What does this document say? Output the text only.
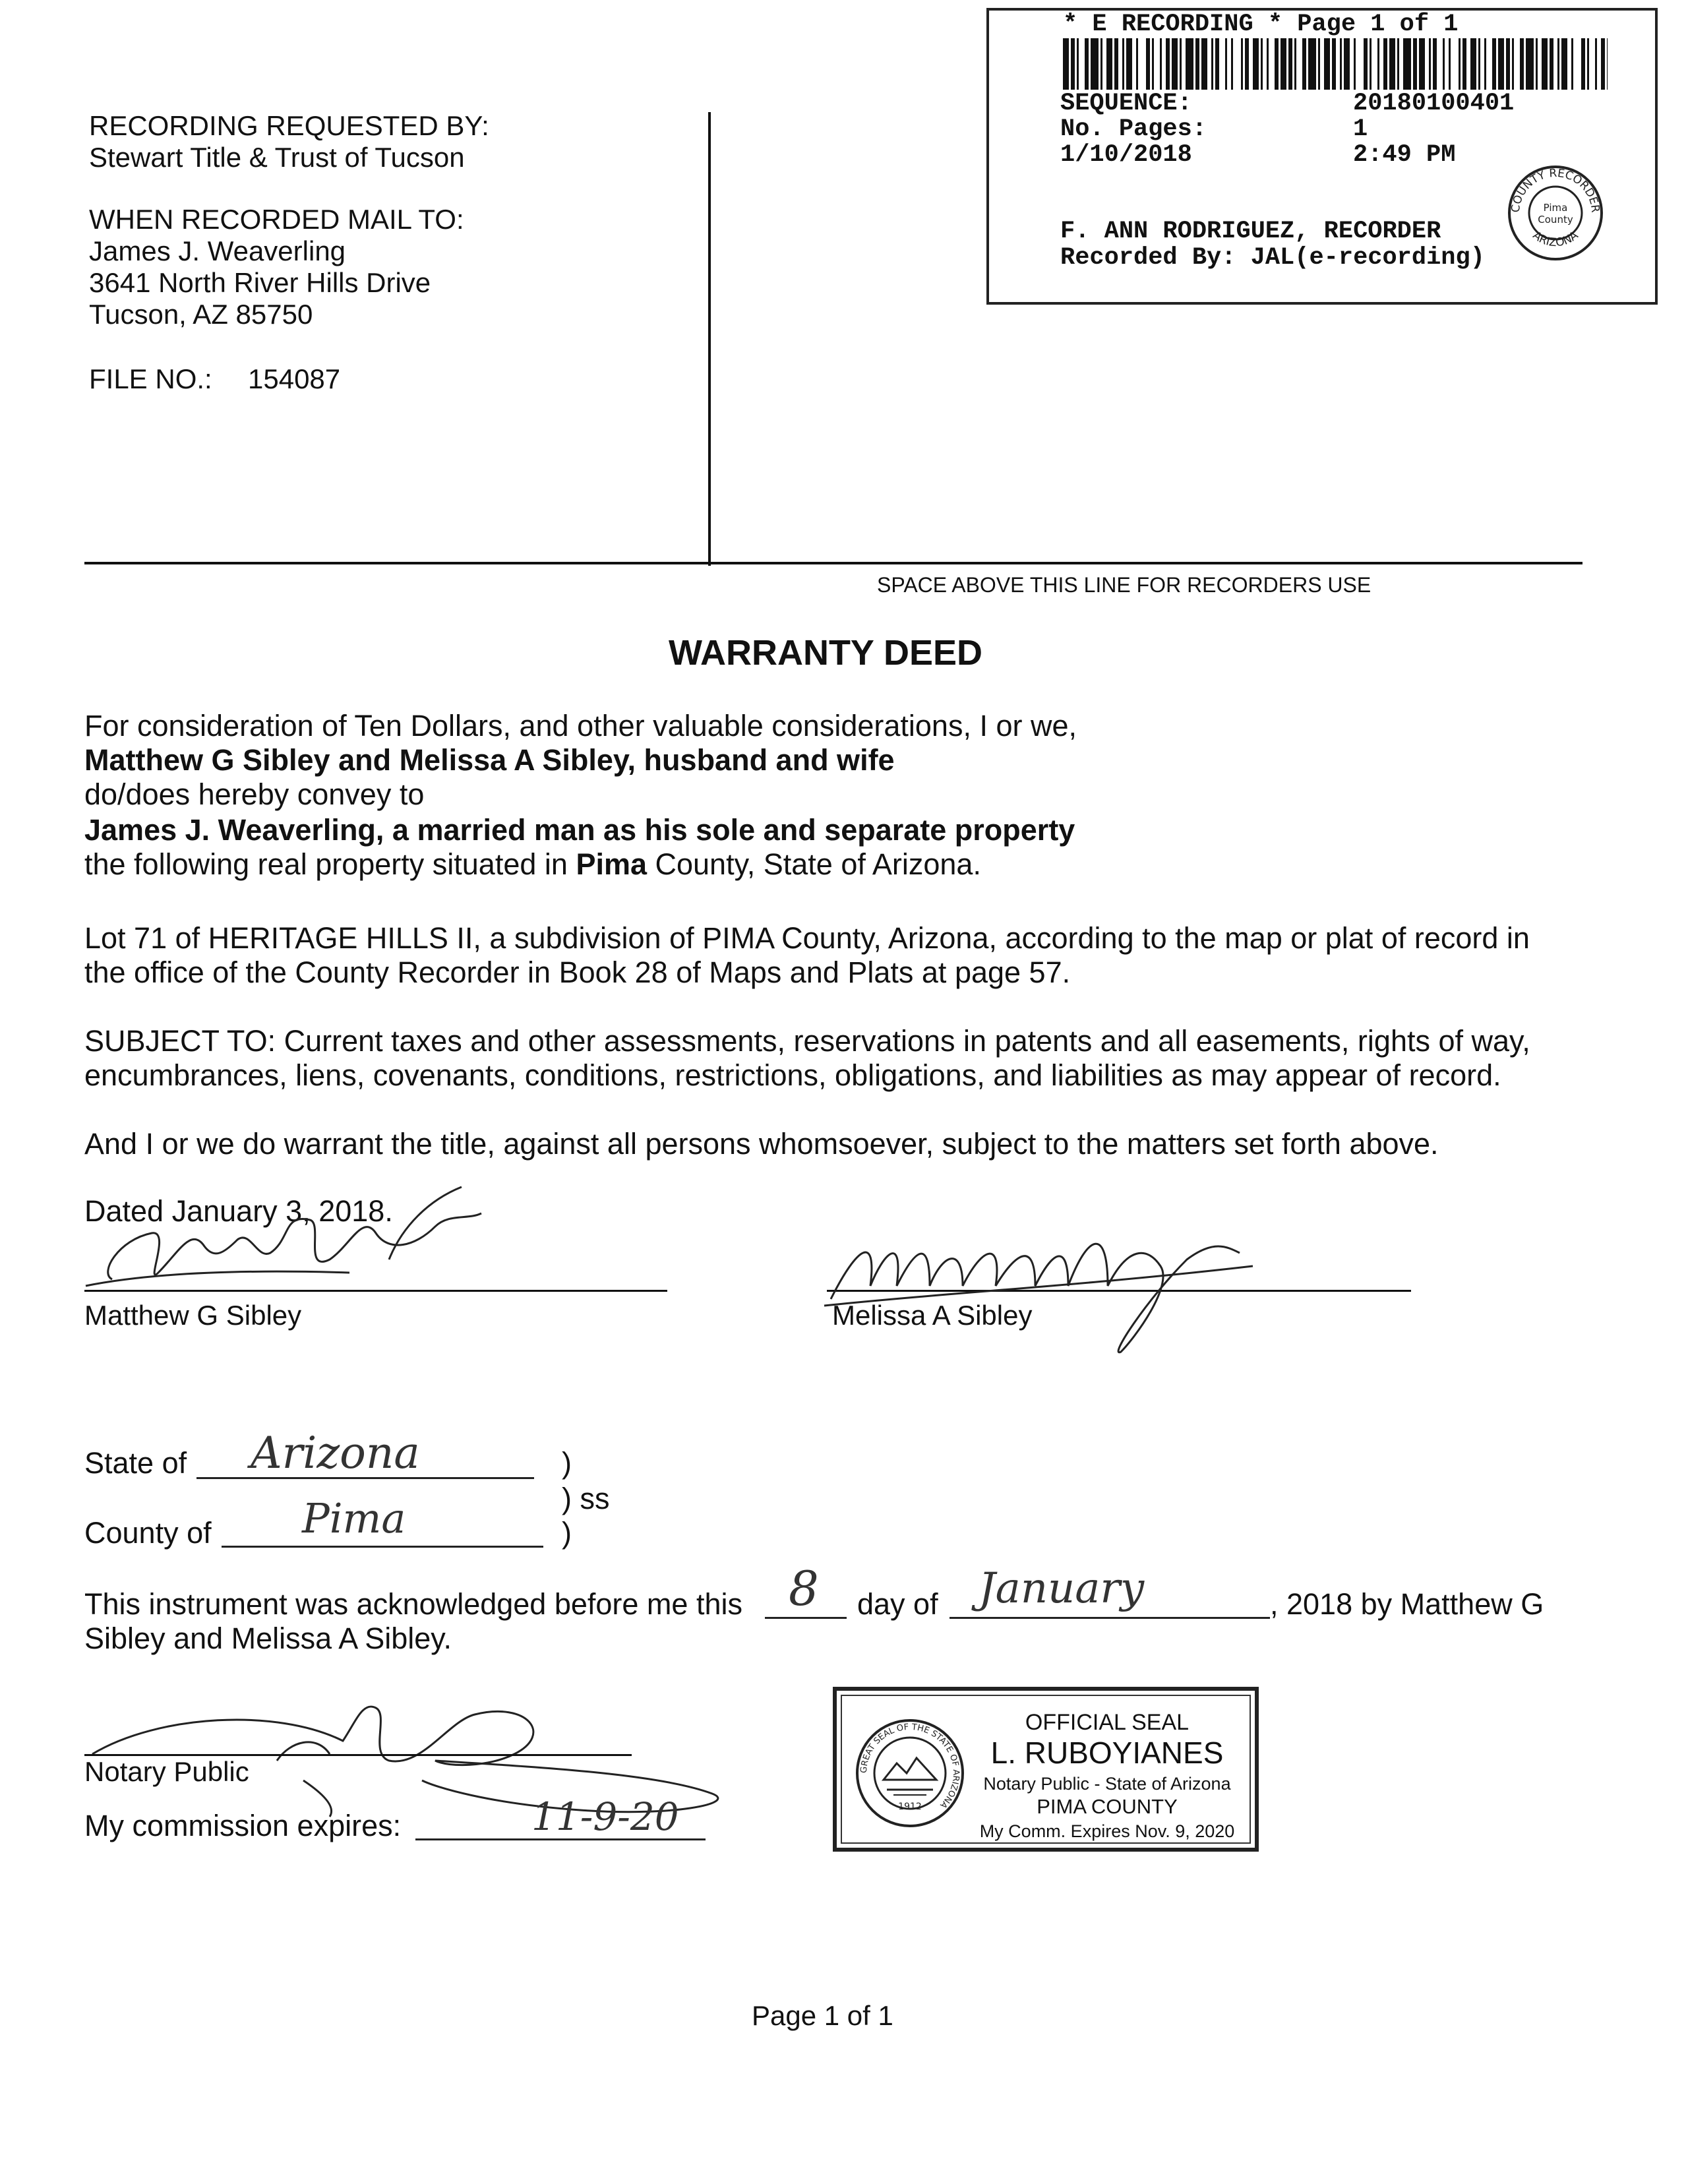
RECORDING REQUESTED BY:
Stewart Title & Trust of Tucson
WHEN RECORDED MAIL TO:
James J. Weaverling
3641 North River Hills Drive
Tucson, AZ 85750
FILE NO.: 154087
* E RECORDING * Page 1 of 1
SEQUENCE:	20180100401
No. Pages:	1
1/10/2018	2:49 PM
F. ANN RODRIGUEZ, RECORDER
Recorded By: JAL(e-recording)
COUNTY RECORDER
ARIZONA
Pima
County
SPACE ABOVE THIS LINE FOR RECORDERS USE
WARRANTY DEED
For consideration of Ten Dollars, and other valuable considerations, I or we,
Matthew G Sibley and Melissa A Sibley, husband and wife
do/does hereby convey to
James J. Weaverling, a married man as his sole and separate property
the following real property situated in Pima County, State of Arizona.
Lot 71 of HERITAGE HILLS II, a subdivision of PIMA County, Arizona, according to the map or plat of record in
the office of the County Recorder in Book 28 of Maps and Plats at page 57.
SUBJECT TO: Current taxes and other assessments, reservations in patents and all easements, rights of way,
encumbrances, liens, covenants, conditions, restrictions, obligations, and liabilities as may appear of record.
And I or we do warrant the title, against all persons whomsoever, subject to the matters set forth above.
Dated January 3, 2018.
Matthew G Sibley	Melissa A Sibley
State of Arizona	)
) ss
County of Pima	)
This instrument was acknowledged before me this 8 day of January	, 2018 by Matthew G
Sibley and Melissa A Sibley.
Notary Public
My commission expires:	11-9-20
GREAT SEAL OF THE STATE OF ARIZONA
1912
OFFICIAL SEAL
L. RUBOYIANES
Notary Public - State of Arizona
PIMA COUNTY
My Comm. Expires Nov. 9, 2020
Page 1 of 1
